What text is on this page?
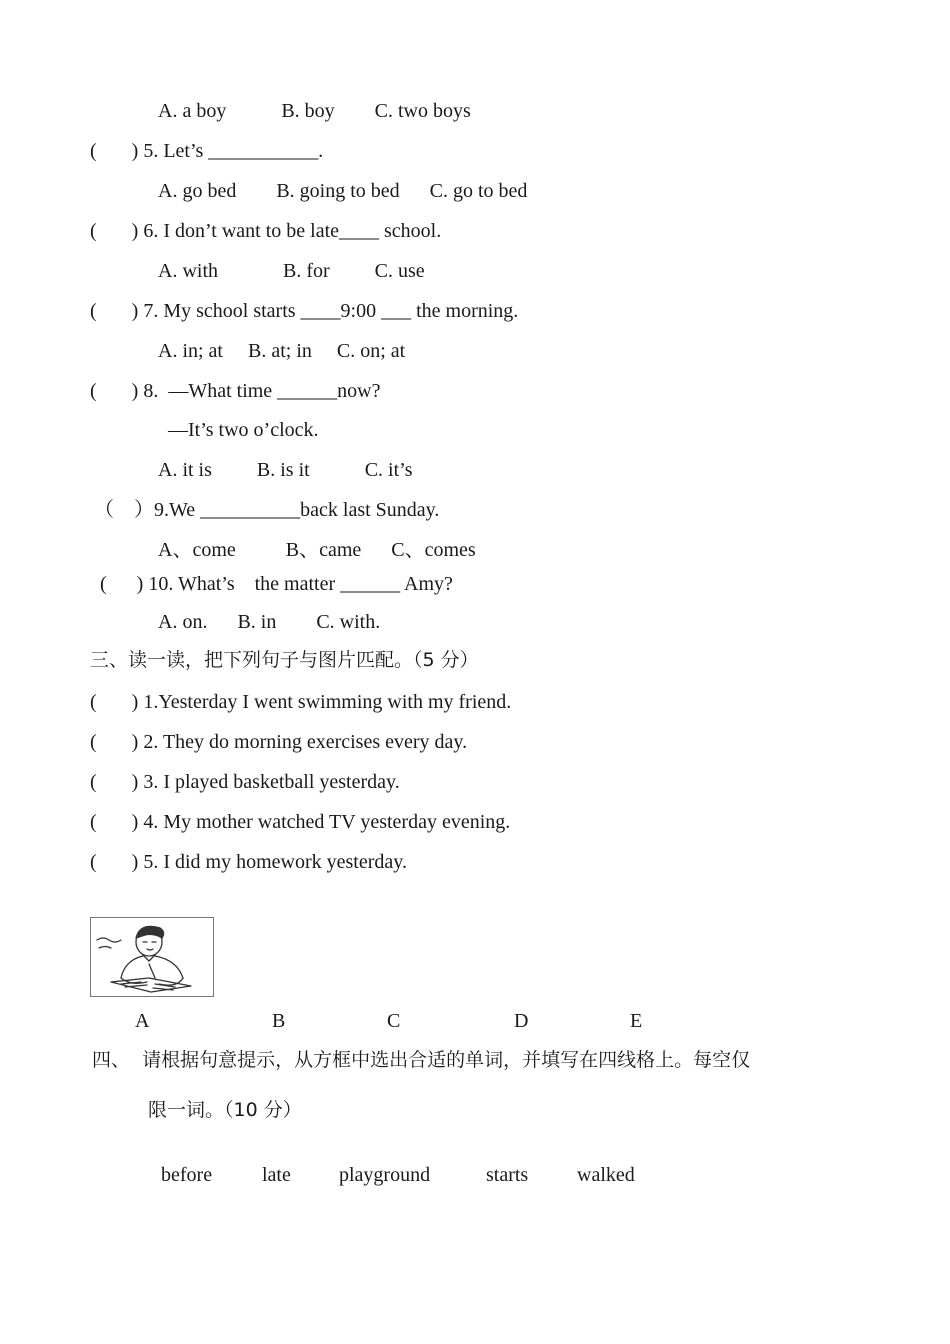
A. a boy           B. boy        C. two boys
(       ) 5. Let’s ___________.
A. go bed        B. going to bed      C. go to bed
(       ) 6. I don’t want to be late____ school.
A. with             B. for         C. use
(       ) 7. My school starts ____9:00 ___ the morning.
A. in; at     B. at; in     C. on; at
(       ) 8.  —What time ______now?
—It’s two o’clock.
A. it is         B. is it           C. it’s
（    ）9.We __________back last Sunday.
A、come          B、came      C、comes
(      ) 10. What’s    the matter ______ Amy?
A. on.      B. in        C. with.
三、读一读，把下列句子与图片匹配。（5 分）
(       ) 1.Yesterday I went swimming with my friend.
(       ) 2. They do morning exercises every day.
(       ) 3. I played basketball yesterday.
(       ) 4. My mother watched TV yesterday evening.
(       ) 5. I did my homework yesterday.
A	B	C	D	E
四、  请根据句意提示，从方框中选出合适的单词，并填写在四线格上。每空仅
限一词。（10 分）
before late playground	starts walked
